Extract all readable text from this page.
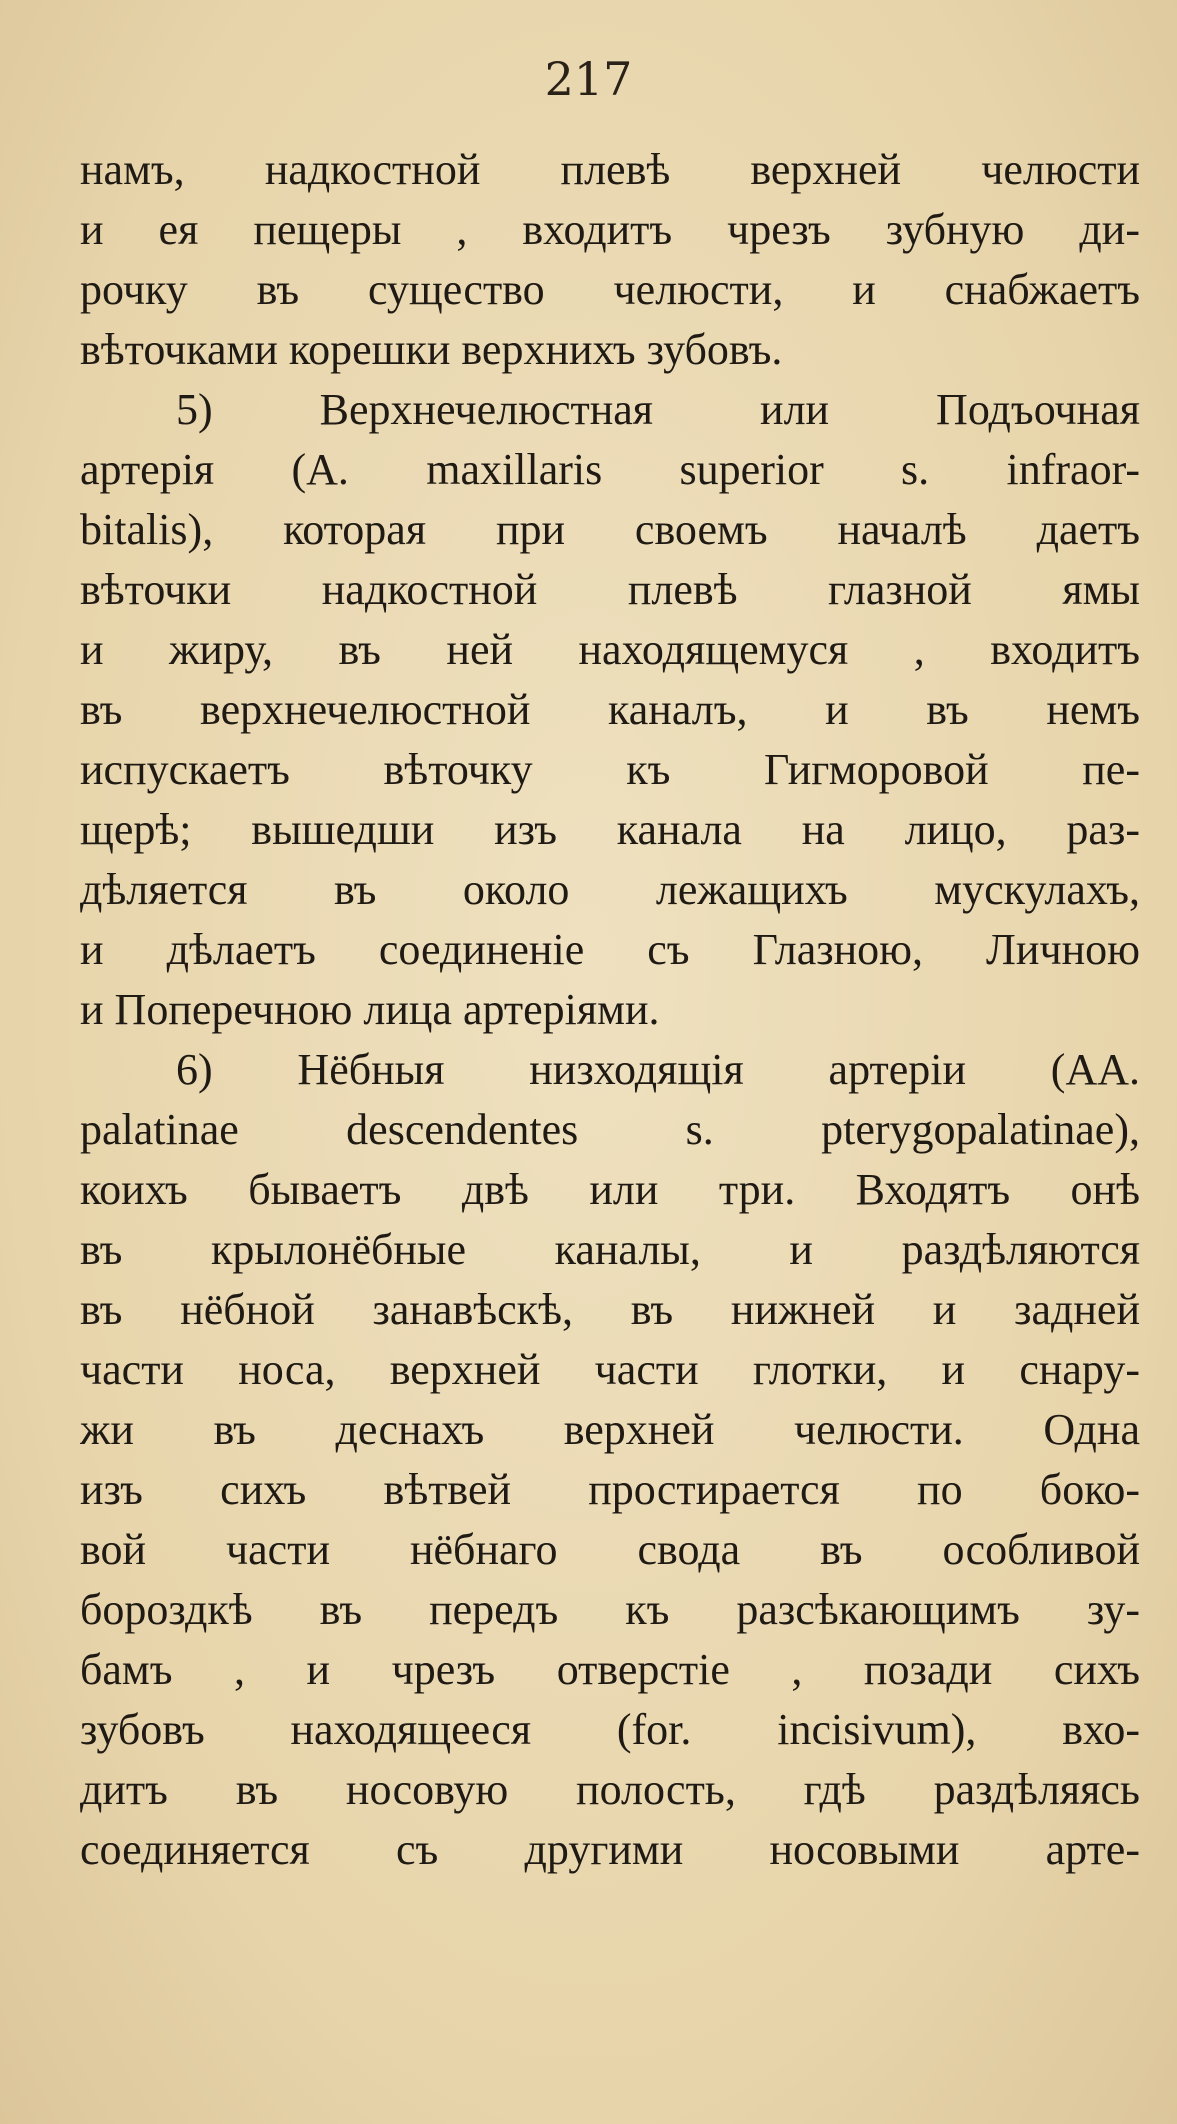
217
намъ, надкостной плевѣ верхней челюсти
и ея пещеры , входитъ чрезъ зубную ди-
рочку въ существо челюсти, и снабжаетъ
вѣточками корешки верхнихъ зубовъ.
5) Верхнечелюстная или Подъочная
артерія (A. maxillaris superior s. infraor-
bitalis), которая при своемъ началѣ даетъ
вѣточки надкостной плевѣ глазной ямы
и жиру, въ ней находящемуся , входитъ
въ верхнечелюстной каналъ, и въ немъ
испускаетъ вѣточку къ Гигморовой пе-
щерѣ; вышедши изъ канала на лицо, раз-
дѣляется въ около лежащихъ мускулахъ,
и дѣлаетъ соединеніе съ Глазною, Личною
и Поперечною лица артеріями.
6) Нёбныя низходящія артеріи (AA.
palatinae descendentes s. pterygopalatinae),
коихъ бываетъ двѣ или три. Входятъ онѣ
въ крылонёбные каналы, и раздѣляются
въ нёбной занавѣскѣ, въ нижней и задней
части носа, верхней части глотки, и снару-
жи въ деснахъ верхней челюсти. Одна
изъ сихъ вѣтвей простирается по боко-
вой части нёбнаго свода въ особливой
бороздкѣ въ передъ къ разсѣкающимъ зу-
бамъ , и чрезъ отверстіе , позади сихъ
зубовъ находящееся (for. incisivum), вхо-
дитъ въ носовую полость, гдѣ раздѣляясь
соединяется съ другими носовыми арте-
